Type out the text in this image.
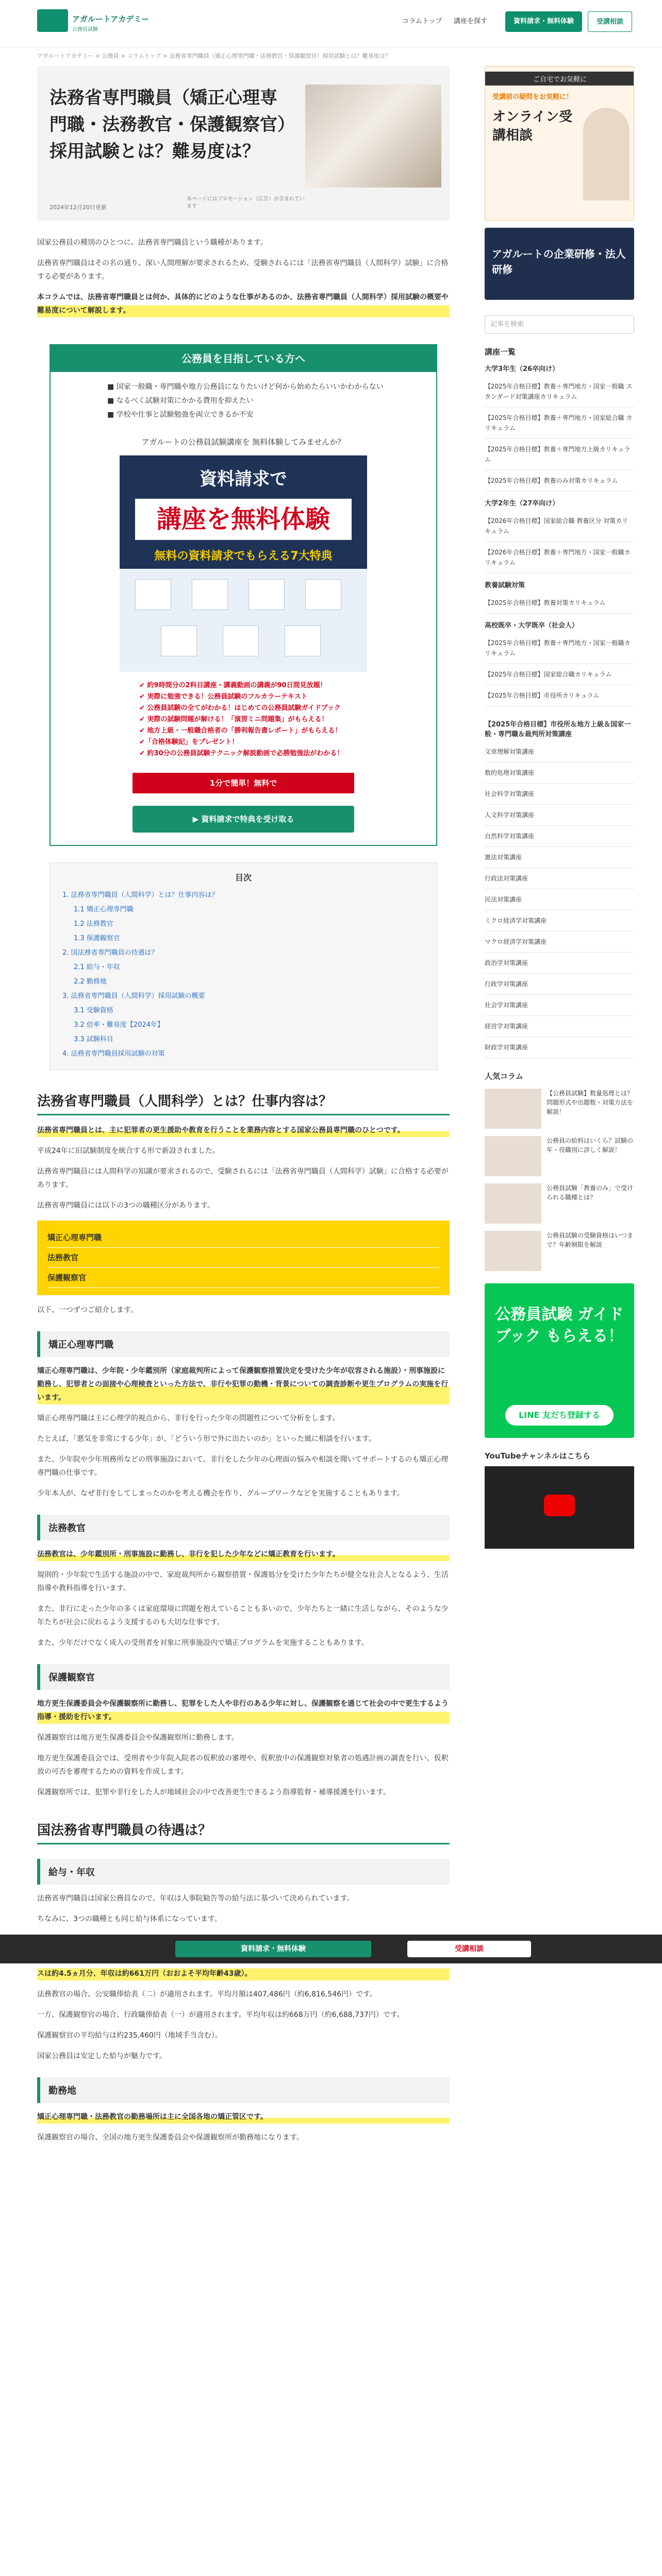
アガルートアカデミー
公務員試験
コラムトップ 講座を探す	資料請求・無料体験	受講相談
アガルートアカデミー > 公務員 > コラムトップ > 法務省専門職員（矯正心理専門職・法務教官・保護観察官）採用試験とは？難易度は？
法務省専門職員（矯正心理専門職・法務教官・保護観察官）採用試験とは？難易度は？
2024年12月20日更新
本ページにはプロモーション（広告）が含まれています

国家公務員の種別のひとつに、法務省専門職員という職種があります。

法務省専門職員はその名の通り、深い人間理解が要求されるため、受験されるには「法務省専門職員（人間科学）試験」に合格する必要があります。

本コラムでは、法務省専門職員とは何か、具体的にどのような仕事があるのか、法務省専門職員（人間科学）採用試験の概要や難易度について解説します。

公務員を目指している方へ
■ 国家一般職・専門職や地方公務員になりたいけど何から始めたらいいかわからない
■ なるべく試験対策にかかる費用を抑えたい
■ 学校や仕事と試験勉強を両立できるか不安
アガルートの公務員試験講座を 無料体験してみませんか？
資料請求で
講座を無料体験
無料の資料請求でもらえる7大特典
✔ 約9時間分の2科目講座・講義動画の講義が90日間見放題！
✔ 実際に勉強できる！公務員試験のフルカラーテキスト
✔ 公務員試験の全てがわかる！はじめての公務員試験ガイドブック
✔ 実際の試験問題が解ける！「演習ミニ問題集」がもらえる！
✔ 地方上級・一般職合格者の「勝利報告書レポート」がもらえる！
✔「合格体験記」をプレゼント！
✔ 約30分の公務員試験テクニック解説動画で必勝勉強法がわかる！
1分で簡単！無料で
▶ 資料請求で特典を受け取る
目次
1. 法務省専門職員（人間科学）とは？仕事内容は？
1.1 矯正心理専門職
1.2 法務教官
1.3 保護観察官
2. 国法務省専門職員の待遇は？
2.1 給与・年収
2.2 勤務地
3. 法務省専門職員（人間科学）採用試験の概要
3.1 受験資格
3.2 倍率・難易度【2024年】
3.3 試験科目
4. 法務省専門職員採用試験の対策
法務省専門職員（人間科学）とは？仕事内容は？

法務省専門職員とは、主に犯罪者の更生援助や教育を行うことを業務内容とする国家公務員専門職のひとつです。

平成24年に旧試験制度を統合する形で新設されました。

法務省専門職員には人間科学の知識が要求されるので、受験されるには「法務省専門職員（人間科学）試験」に合格する必要があります。

法務省専門職員には以下の3つの職種区分があります。

矯正心理専門職
法務教官
保護観察官

以下、一つずつご紹介します。

矯正心理専門職

矯正心理専門職は、少年院・少年鑑別所（家庭裁判所によって保護観察措置決定を受けた少年が収容される施設）・刑事施設に勤務し、犯罪者との面接や心理検査といった方法で、非行や犯罪の動機・背景についての調査診断や更生プログラムの実施を行います。

矯正心理専門職は主に心理学的視点から、非行を行った少年の問題性について分析をします。

たとえば、「悪気を非常にする少年」が、「どういう形で外に出たいのか」といった風に相談を行います。

また、少年院や少年刑務所などの刑事施設において、非行をした少年の心理面の悩みや相談を聞いてサポートするのも矯正心理専門職の仕事です。

少年本人が、なぜ非行をしてしまったのかを考える機会を作り、グループワークなどを実施することもあります。

法務教官

法務教官は、少年鑑別所・刑事施設に勤務し、非行を犯した少年などに矯正教育を行います。

規則的・少年院で生活する施設の中で、家庭裁判所から観察措置・保護処分を受けた少年たちが健全な社会人となるよう、生活指導や教科指導を行います。

また、非行に走った少年の多くは家庭環境に問題を抱えていることも多いので、少年たちと一緒に生活しながら、そのような少年たちが社会に戻れるよう支援するのも大切な仕事です。

また、少年だけでなく成人の受刑者を対象に刑事施設内で矯正プログラムを実施することもあります。

保護観察官

地方更生保護委員会や保護観察所に勤務し、犯罪をした人や非行のある少年に対し、保護観察を通じて社会の中で更生するよう指導・援助を行います。

保護観察官は地方更生保護委員会や保護観察所に勤務します。

地方更生保護委員会では、受刑者や少年院入院者の仮釈放の審理や、仮釈放中の保護観察対象者の処遇計画の調査を行い、仮釈放の可否を審理するための資料を作成します。

保護観察所では、犯罪や非行をした人が地域社会の中で改善更生できるよう指導監督・補導援護を行います。

国法務省専門職員の待遇は？
給与・年収

法務省専門職員は国家公務員なので、年収は人事院勧告等の給与法に基づいて決められています。

ちなみに、3つの職種とも同じ給与体系になっています。

スは約4.5ヵ月分、年収は約661万円（おおよそ平均年齢43歳）。

法務教官の場合、公安職俸給表（二）が適用されます。平均月額は407,486円（約6,816,546円）です。

一方、保護観察官の場合、行政職俸給表（一）が適用されます。平均年収は約668万円（約6,688,737円）です。

保護観察官の平均給与は約235,460円（地域手当含む）。

国家公務員は安定した給与が魅力です。

勤務地

矯正心理専門職・法務教官の勤務場所は主に全国各地の矯正管区です。

保護観察官の場合、全国の地方更生保護委員会や保護観察所が勤務地になります。

ご自宅でお気軽に
受講前の疑問をお気軽に！
オンライン受講相談
アガルートの企業研修・法人研修
記事を検索
講座一覧
大学3年生（26卒向け）
【2025年合格目標】教養＋専門地方・国家一般職 スタンダード対策講座カリキュラム
【2025年合格目標】教養＋専門地方・国家総合職 カリキュラム
【2025年合格目標】教養＋専門地方上級カリキュラム
【2025年合格目標】教養のみ対策カリキュラム
大学2年生（27卒向け）
【2026年合格目標】国家総合職 教養区分 対策カリキュラム
【2026年合格目標】教養＋専門地方・国家一般職カリキュラム
教養試験対策
【2025年合格目標】教養対策カリキュラム
高校既卒・大学既卒（社会人）
【2025年合格目標】教養＋専門地方・国家一般職カリキュラム
【2025年合格目標】国家総合職カリキュラム
【2025年合格目標】市役所カリキュラム
【2025年合格目標】市役所＆地方上級＆国家一般・専門職＆裁判所対策講座
文章理解対策講座
数的処理対策講座
社会科学対策講座
人文科学対策講座
自然科学対策講座
憲法対策講座
行政法対策講座
民法対策講座
ミクロ経済学対策講座
マクロ経済学対策講座
政治学対策講座
行政学対策講座
社会学対策講座
経営学対策講座
財政学対策講座
人気コラム
【公務員試験】数量処理とは？問題形式や出題数・対策方法を解説！
公務員の給料はいくら？試験の年・役職別に詳しく解説！
公務員試験「教養のみ」で受けられる職種とは？
公務員試験の受験資格はいつまで？年齢制限を解説
公務員試験 ガイドブック もらえる！
LINE 友だち登録する
YouTubeチャンネルはこちら
資料請求・無料体験	受講相談
